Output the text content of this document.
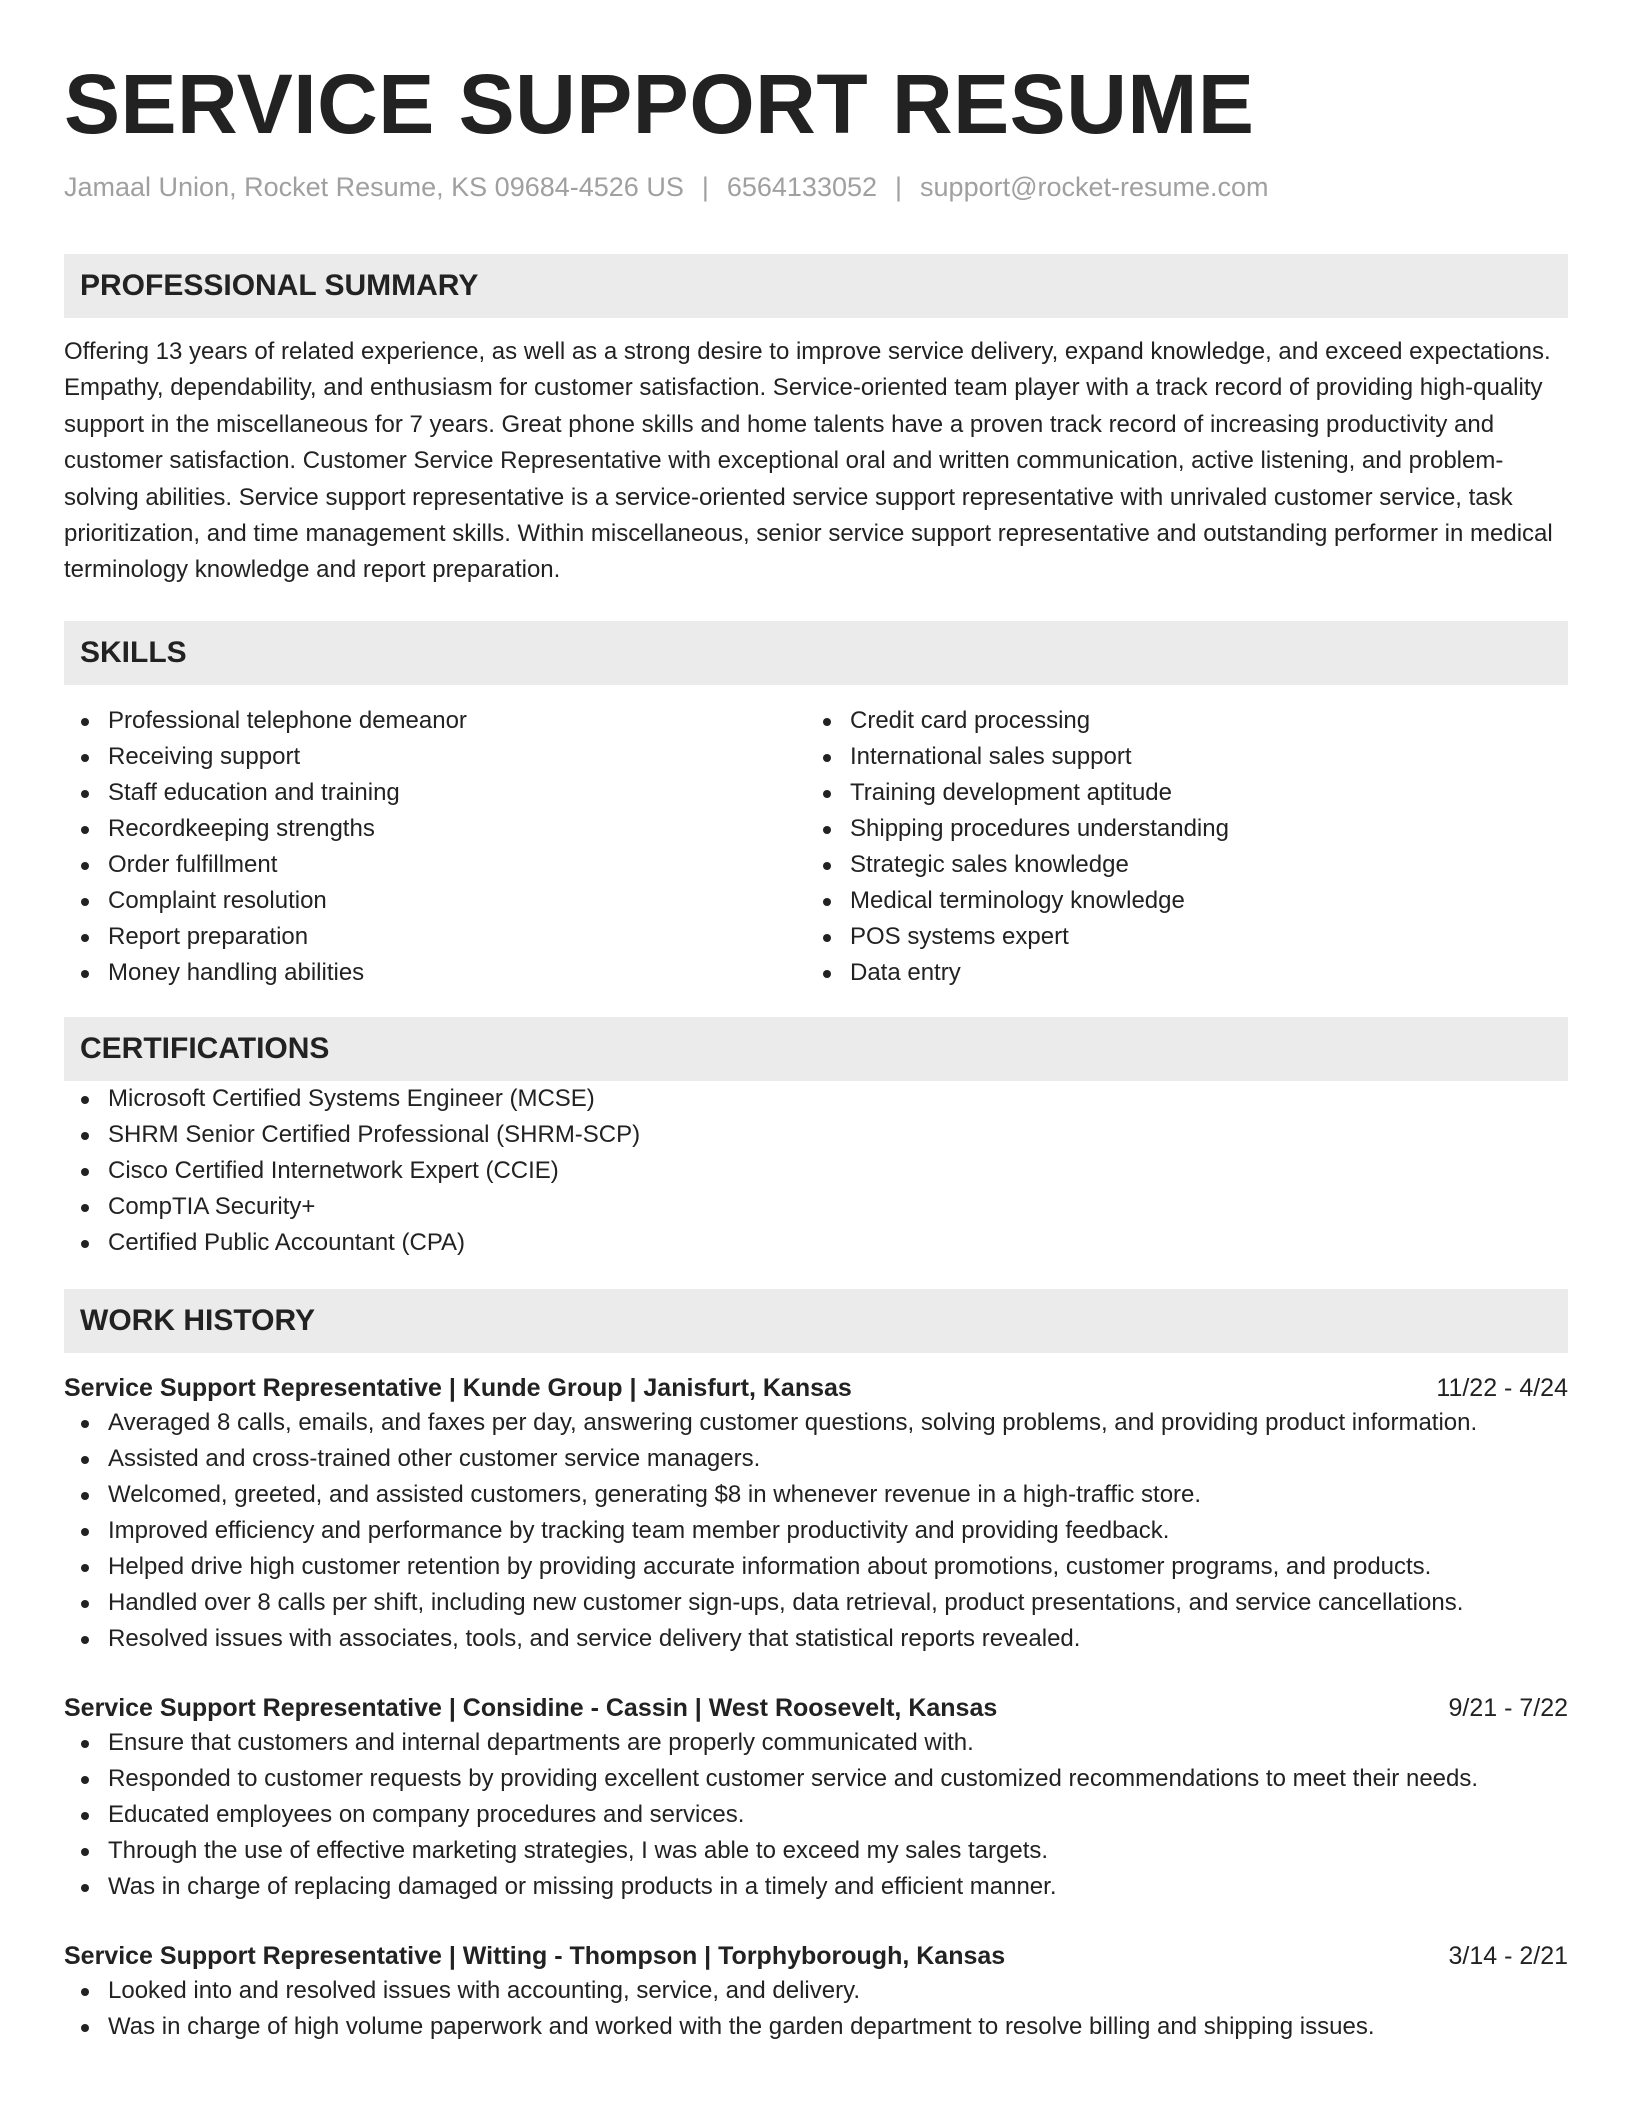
SERVICE SUPPORT RESUME
Jamaal Union, Rocket Resume, KS 09684-4526 US | 6564133052 | support@rocket-resume.com
PROFESSIONAL SUMMARY

Offering 13 years of related experience, as well as a strong desire to improve service delivery, expand knowledge, and exceed expectations. Empathy, dependability, and enthusiasm for customer satisfaction. Service-oriented team player with a track record of providing high-quality support in the miscellaneous for 7 years. Great phone skills and home talents have a proven track record of increasing productivity and customer satisfaction. Customer Service Representative with exceptional oral and written communication, active listening, and problem-solving abilities. Service support representative is a service-oriented service support representative with unrivaled customer service, task prioritization, and time management skills. Within miscellaneous, senior service support representative and outstanding performer in medical terminology knowledge and report preparation.

SKILLS
Professional telephone demeanor
Receiving support
Staff education and training
Recordkeeping strengths
Order fulfillment
Complaint resolution
Report preparation
Money handling abilities
Credit card processing
International sales support
Training development aptitude
Shipping procedures understanding
Strategic sales knowledge
Medical terminology knowledge
POS systems expert
Data entry
CERTIFICATIONS
Microsoft Certified Systems Engineer (MCSE)
SHRM Senior Certified Professional (SHRM-SCP)
Cisco Certified Internetwork Expert (CCIE)
CompTIA Security+
Certified Public Accountant (CPA)
WORK HISTORY
Service Support Representative | Kunde Group | Janisfurt, Kansas	11/22 - 4/24
Averaged 8 calls, emails, and faxes per day, answering customer questions, solving problems, and providing product information.
Assisted and cross-trained other customer service managers.
Welcomed, greeted, and assisted customers, generating $8 in whenever revenue in a high-traffic store.
Improved efficiency and performance by tracking team member productivity and providing feedback.
Helped drive high customer retention by providing accurate information about promotions, customer programs, and products.
Handled over 8 calls per shift, including new customer sign-ups, data retrieval, product presentations, and service cancellations.
Resolved issues with associates, tools, and service delivery that statistical reports revealed.
Service Support Representative | Considine - Cassin | West Roosevelt, Kansas	9/21 - 7/22
Ensure that customers and internal departments are properly communicated with.
Responded to customer requests by providing excellent customer service and customized recommendations to meet their needs.
Educated employees on company procedures and services.
Through the use of effective marketing strategies, I was able to exceed my sales targets.
Was in charge of replacing damaged or missing products in a timely and efficient manner.
Service Support Representative | Witting - Thompson | Torphyborough, Kansas	3/14 - 2/21
Looked into and resolved issues with accounting, service, and delivery.
Was in charge of high volume paperwork and worked with the garden department to resolve billing and shipping issues.
